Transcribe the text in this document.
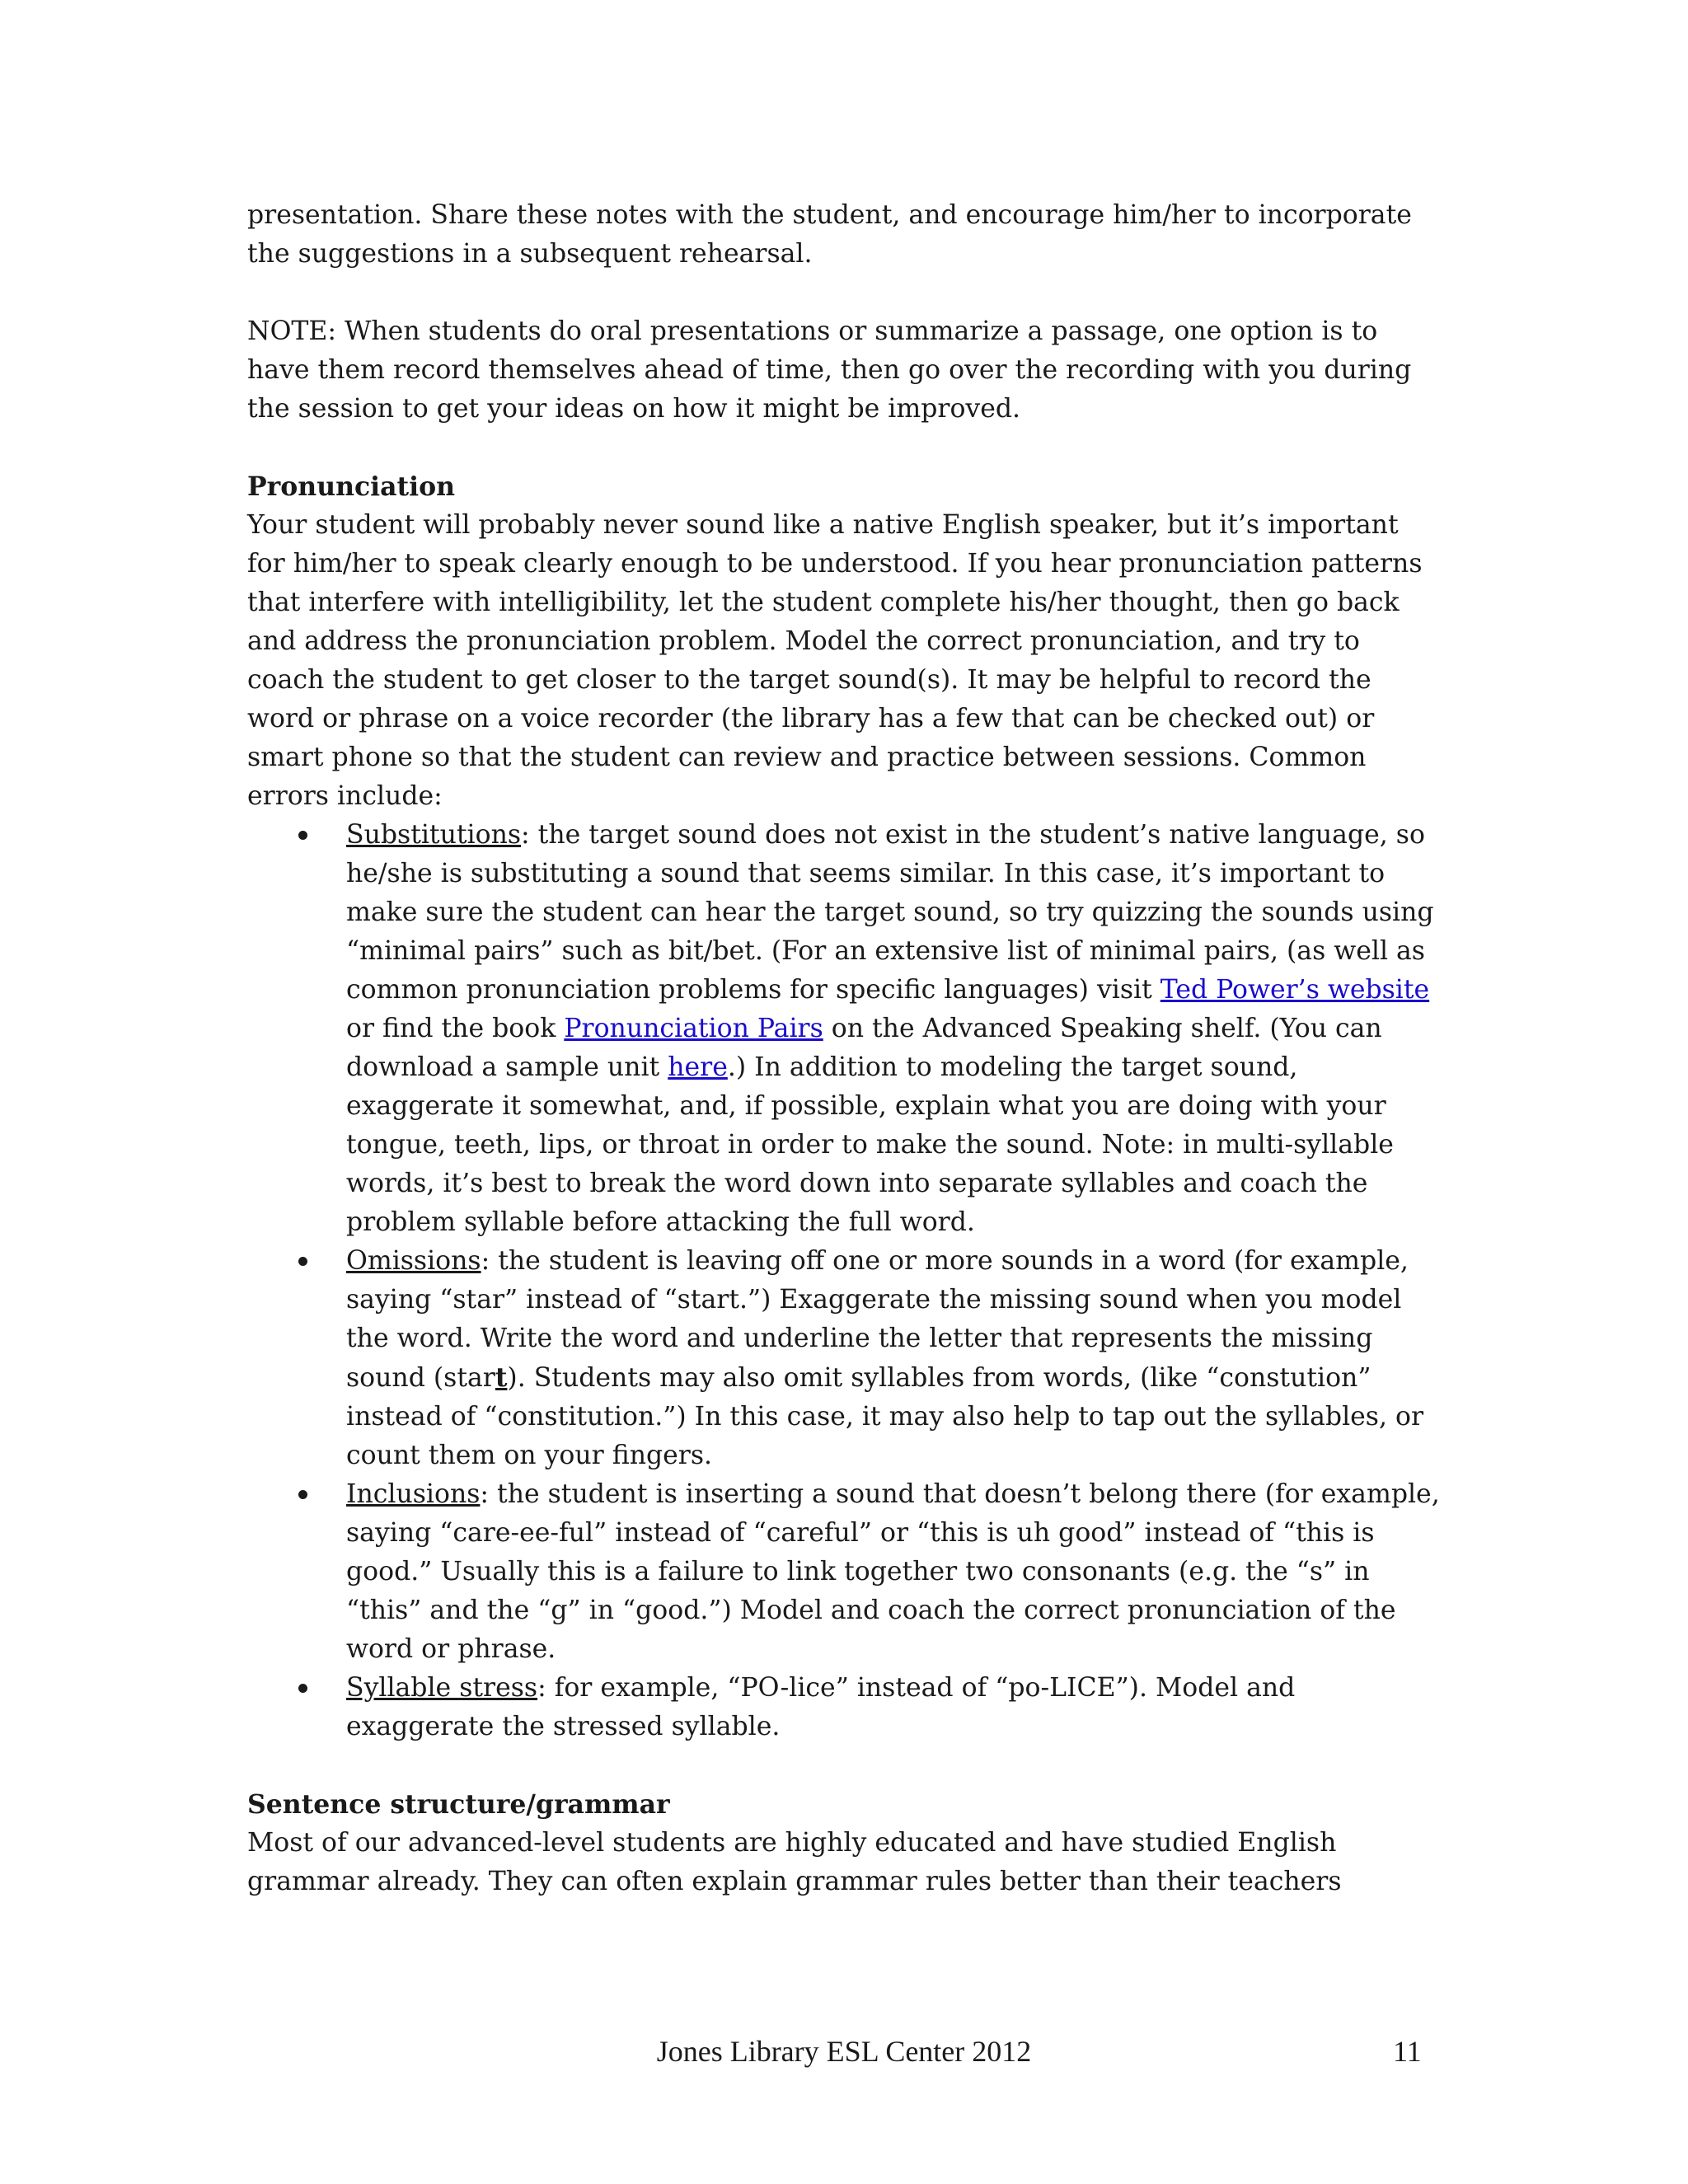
presentation. Share these notes with the student, and encourage him/her to incorporate the suggestions in a subsequent rehearsal.

NOTE: When students do oral presentations or summarize a passage, one option is to have them record themselves ahead of time, then go over the recording with you during the session to get your ideas on how it might be improved.

Pronunciation

Your student will probably never sound like a native English speaker, but it’s important for him/her to speak clearly enough to be understood. If you hear pronunciation patterns that interfere with intelligibility, let the student complete his/her thought, then go back and address the pronunciation problem. Model the correct pronunciation, and try to coach the student to get closer to the target sound(s). It may be helpful to record the word or phrase on a voice recorder (the library has a few that can be checked out) or smart phone so that the student can review and practice between sessions. Common errors include:

Substitutions: the target sound does not exist in the student’s native language, so he/she is substituting a sound that seems similar. In this case, it’s important to make sure the student can hear the target sound, so try quizzing the sounds using “minimal pairs” such as bit/bet. (For an extensive list of minimal pairs, (as well as common pronunciation problems for specific languages) visit Ted Power’s website or find the book Pronunciation Pairs on the Advanced Speaking shelf. (You can download a sample unit here.) In addition to modeling the target sound, exaggerate it somewhat, and, if possible, explain what you are doing with your tongue, teeth, lips, or throat in order to make the sound. Note: in multi-syllable words, it’s best to break the word down into separate syllables and coach the problem syllable before attacking the full word.
Omissions: the student is leaving off one or more sounds in a word (for example, saying “star” instead of “start.”) Exaggerate the missing sound when you model the word. Write the word and underline the letter that represents the missing sound (start). Students may also omit syllables from words, (like “constution” instead of “constitution.”) In this case, it may also help to tap out the syllables, or count them on your fingers.
Inclusions: the student is inserting a sound that doesn’t belong there (for example, saying “care-ee-ful” instead of “careful” or “this is uh good” instead of “this is good.” Usually this is a failure to link together two consonants (e.g. the “s” in “this” and the “g” in “good.”) Model and coach the correct pronunciation of the word or phrase.
Syllable stress: for example, “PO-lice” instead of “po-LICE”). Model and exaggerate the stressed syllable.

Sentence structure/grammar

Most of our advanced-level students are highly educated and have studied English grammar already. They can often explain grammar rules better than their teachers

Jones Library ESL Center 2012	11
